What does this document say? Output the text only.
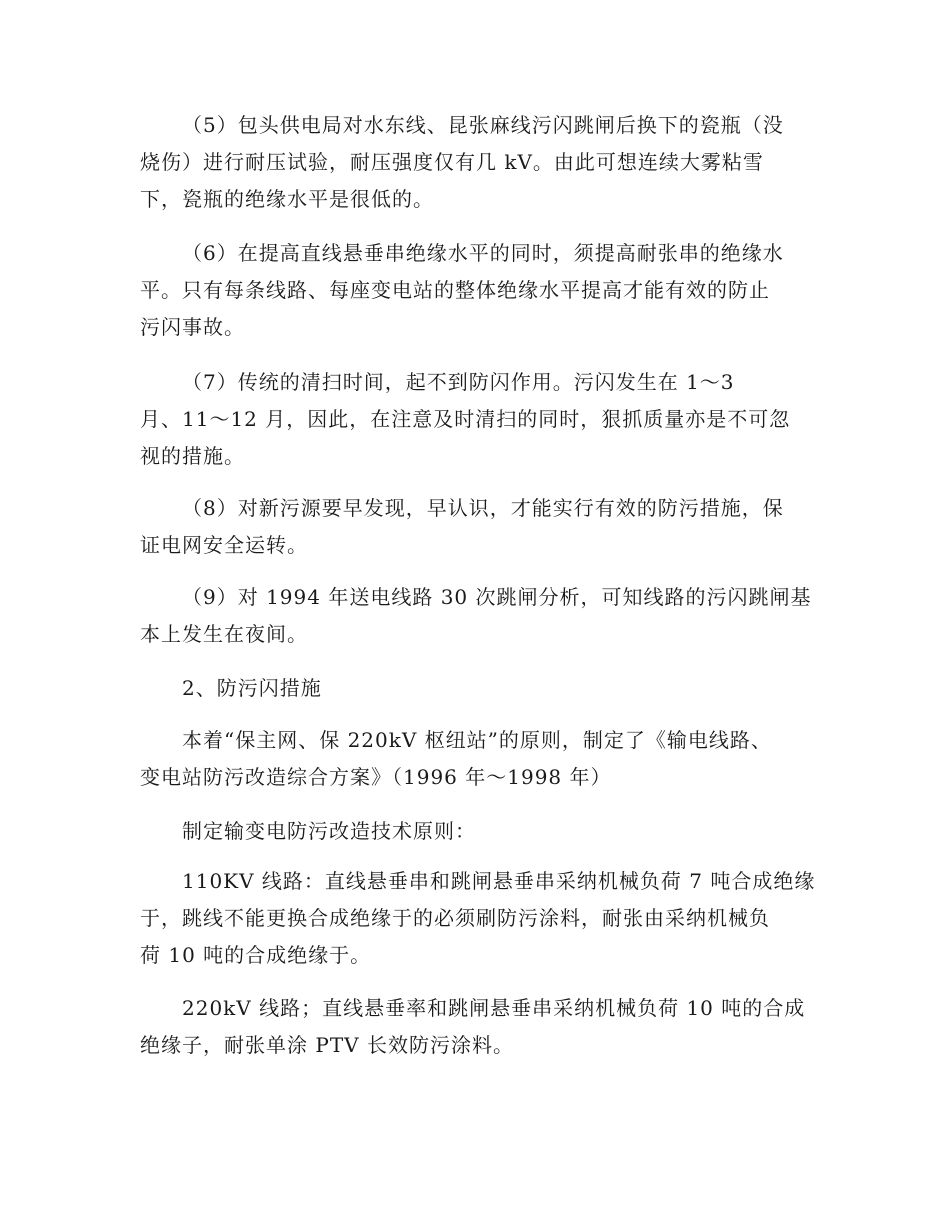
（5）包头供电局对水东线、昆张麻线污闪跳闸后换下的瓷瓶（没
烧伤）进行耐压试验，耐压强度仅有几 kV。由此可想连续大雾粘雪
下，瓷瓶的绝缘水平是很低的。

（6）在提高直线悬垂串绝缘水平的同时，须提高耐张串的绝缘水
平。只有每条线路、每座变电站的整体绝缘水平提高才能有效的防止
污闪事故。

（7）传统的清扫时间，起不到防闪作用。污闪发生在 1～3
月、11～12 月，因此，在注意及时清扫的同时，狠抓质量亦是不可忽
视的措施。

（8）对新污源要早发现，早认识，才能实行有效的防污措施，保
证电网安全运转。

（9）对 1994 年送电线路 30 次跳闸分析，可知线路的污闪跳闸基
本上发生在夜间。

2、防污闪措施

本着“保主网、保 220kV 枢纽站”的原则，制定了《输电线路、
变电站防污改造综合方案》（1996 年～1998 年）

制定输变电防污改造技术原则：

110KV 线路：直线悬垂串和跳闸悬垂串采纳机械负荷 7 吨合成绝缘
于，跳线不能更换合成绝缘于的必须刷防污涂料，耐张由采纳机械负
荷 10 吨的合成绝缘于。

220kV 线路；直线悬垂率和跳闸悬垂串采纳机械负荷 10 吨的合成
绝缘子，耐张单涂 PTV 长效防污涂料。
